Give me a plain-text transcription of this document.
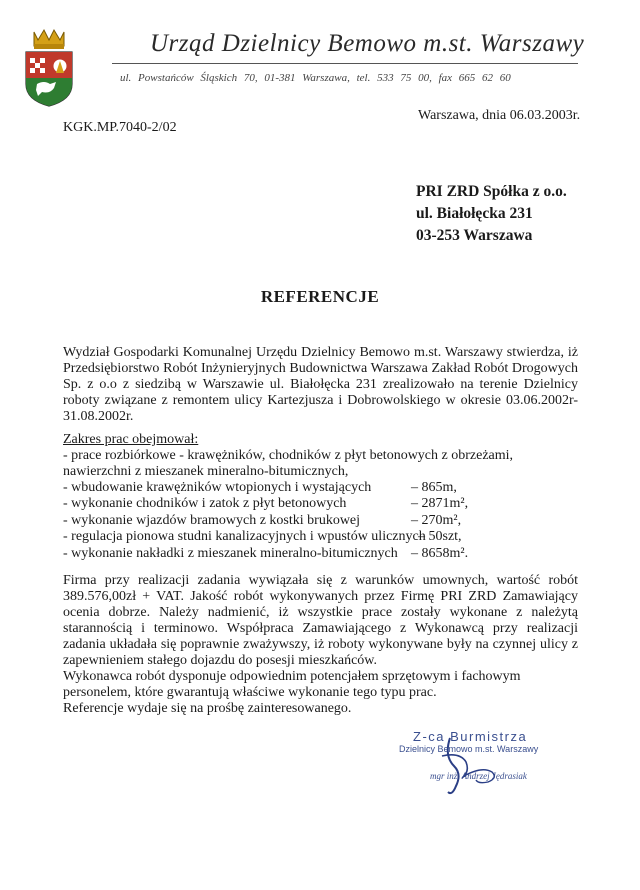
Urząd Dzielnicy Bemowo m.st. Warszawy
ul. Powstańców Śląskich 70, 01-381 Warszawa, tel. 533 75 00, fax 665 62 60
Warszawa, dnia 06.03.2003r.
KGK.MP.7040-2/02
PRI ZRD Spółka z o.o.
ul. Białołęcka 231
03-253 Warszawa
REFERENCJE
Wydział Gospodarki Komunalnej Urzędu Dzielnicy Bemowo m.st. Warszawy stwierdza, iż Przedsiębiorstwo Robót Inżynieryjnych Budownictwa Warszawa Zakład Robót Drogowych Sp. z o.o z siedzibą w Warszawie ul. Białołęcka 231 zrealizowało na terenie Dzielnicy roboty związane z remontem ulicy Kartezjusza i Dobrowolskiego w okresie 03.06.2002r-31.08.2002r.
Zakres prac obejmował:
- prace rozbiórkowe - krawężników, chodników z płyt betonowych z obrzeżami, nawierzchni z mieszanek mineralno-bitumicznych,
- wbudowanie krawężników wtopionych i wystających	– 865m,
- wykonanie chodników i zatok z płyt betonowych	– 2871m²,
- wykonanie wjazdów bramowych z kostki brukowej	– 270m²,
- regulacja pionowa studni kanalizacyjnych i wpustów ulicznych
– 50szt,
- wykonanie nakładki z mieszanek mineralno-bitumicznych – 8658m².
Firma przy realizacji zadania wywiązała się z warunków umownych, wartość robót 389.576,00zł + VAT. Jakość robót wykonywanych przez Firmę PRI ZRD Zamawiający ocenia dobrze. Należy nadmienić, iż wszystkie prace zostały wykonane z należytą starannością i terminowo. Współpraca Zamawiającego z Wykonawcą przy realizacji zadania układała się poprawnie zważywszy, iż roboty wykonywane były na czynnej ulicy z zapewnieniem stałego dojazdu do posesji mieszkańców.
Wykonawca robót dysponuje odpowiednim potencjałem sprzętowym i fachowym personelem, które gwarantują właściwe wykonanie tego typu prac.
Referencje wydaje się na prośbę zainteresowanego.
Z-ca Burmistrza
Dzielnicy Bemowo m.st. Warszawy
mgr inż. Andrzej Jędrasiak
